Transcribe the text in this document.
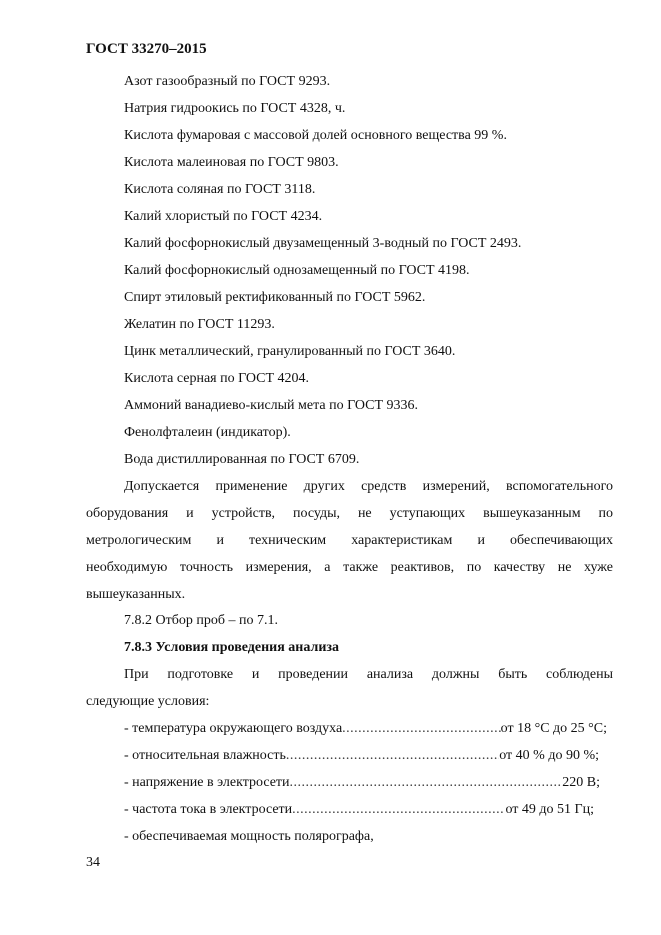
ГОСТ 33270–2015
Азот газообразный по ГОСТ 9293.
Натрия гидроокись по ГОСТ 4328, ч.
Кислота фумаровая с массовой долей основного вещества 99 %.
Кислота малеиновая по ГОСТ 9803.
Кислота соляная по ГОСТ 3118.
Калий хлористый по ГОСТ 4234.
Калий фосфорнокислый двузамещенный 3-водный по ГОСТ 2493.
Калий фосфорнокислый однозамещенный по ГОСТ 4198.
Спирт этиловый ректификованный по ГОСТ 5962.
Желатин по ГОСТ 11293.
Цинк металлический, гранулированный по ГОСТ 3640.
Кислота серная по ГОСТ 4204.
Аммоний ванадиево-кислый мета по ГОСТ 9336.
Фенолфталеин (индикатор).
Вода дистиллированная по ГОСТ 6709.
Допускается применение других средств измерений, вспомогательного
оборудования и устройств, посуды, не уступающих вышеуказанным по
метрологическим и техническим характеристикам и обеспечивающих
необходимую точность измерения, а также реактивов, по качеству не хуже
вышеуказанных.
7.8.2 Отбор проб – по 7.1.
7.8.3 Условия проведения анализа
При подготовке и проведении анализа должны быть соблюдены
следующие условия:
- температура окружающего воздуха .....	от 18 °С до 25 °С;
- относительная влажность .....	от 40 % до 90 %;
- напряжение в электросети .....	220 В;
- частота тока в электросети .....	от 49 до 51 Гц;
- обеспечиваемая мощность полярографа,
34
